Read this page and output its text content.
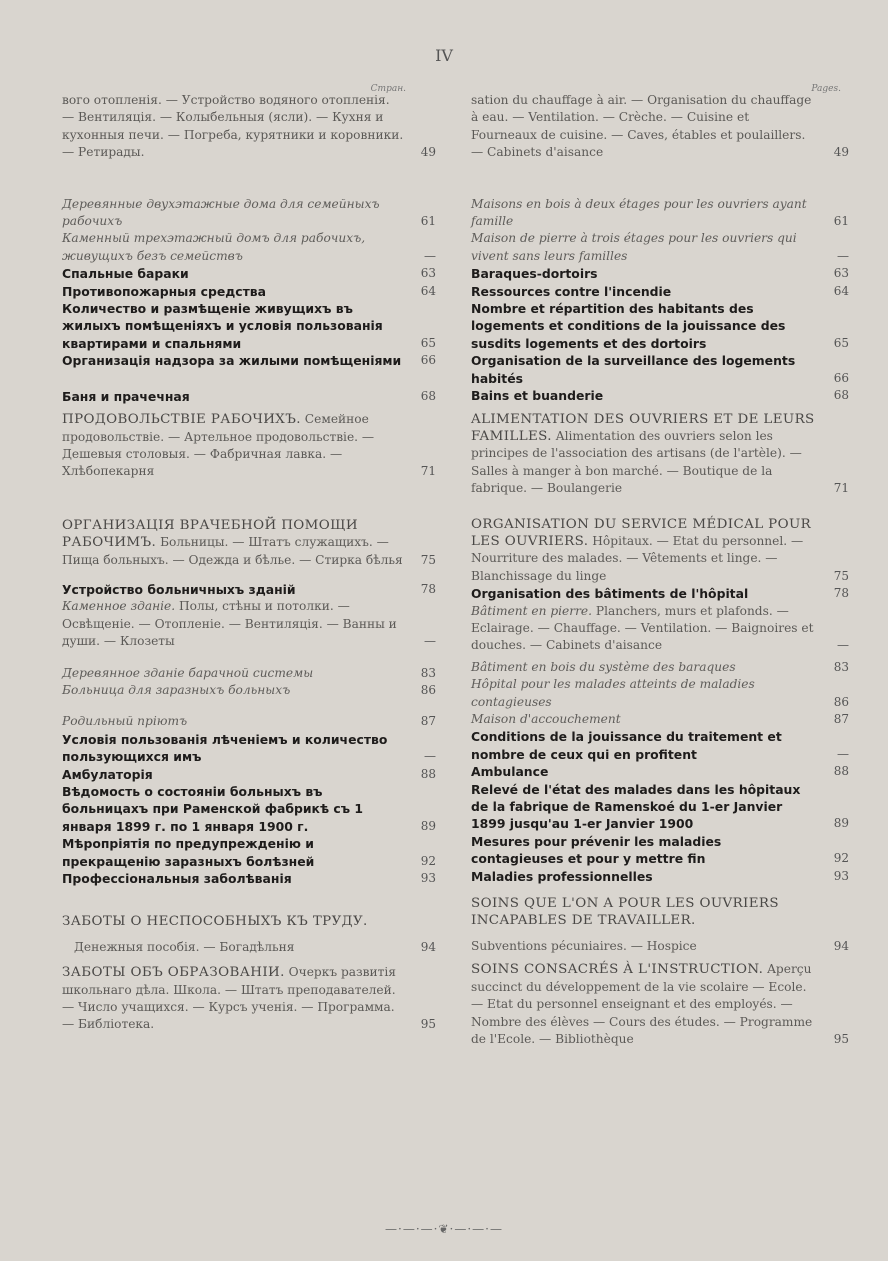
IV
Стран.
вого отопленія. — Устройство водяного отопленія. — Вентиляція. — Колыбельныя (ясли). — Кухня и кухонныя печи. — Погреба, курятники и коровники. — Ретирады.	49
Деревянные двухэтажные дома для семейныхъ рабочихъ	61
Каменный трехэтажный домъ для рабочихъ, живущихъ безъ семействъ	—
Спальные бараки	63
Противопожарныя средства	64
Количество и размѣщеніе живущихъ въ жилыхъ помѣщеніяхъ и условія пользованія квартирами и спальнями	65
Организація надзора за жилыми помѣщеніями	66
Баня и прачечная	68
ПРОДОВОЛЬСТВІЕ РАБОЧИХЪ. Семейное продовольствіе. — Артельное продовольствіе. — Дешевыя столовыя. — Фабричная лавка. — Хлѣбопекарня	71
ОРГАНИЗАЦІЯ ВРАЧЕБНОЙ ПОМОЩИ РАБОЧИМЪ. Больницы. — Штатъ служащихъ. — Пища больныхъ. — Одежда и бѣлье. — Стирка бѣлья	75
Устройство больничныхъ зданій	78
Каменное зданіе. Полы, стѣны и потолки. — Освѣщеніе. — Отопленіе. — Вентиляція. — Ванны и души. — Клозеты	—
Деревянное зданіе барачной системы	83
Больница для заразныхъ больныхъ	86
Родильный пріютъ	87
Условія пользованія лѣченіемъ и количество пользующихся имъ	—
Амбулаторія	88
Вѣдомость о состояніи больныхъ въ больницахъ при Раменской фабрикѣ съ 1 января 1899 г. по 1 января 1900 г.	89
Мѣропріятія по предупрежденію и прекращенію заразныхъ болѣзней	92
Профессіональныя заболѣванія	93
ЗАБОТЫ О НЕСПОСОБНЫХЪ КЪ ТРУДУ.
Денежныя пособія. — Богадѣльня	94
ЗАБОТЫ ОБЪ ОБРАЗОВАНІИ. Очеркъ развитія школьнаго дѣла. Школа. — Штатъ преподавателей. — Число учащихся. — Курсъ ученія. — Программа. — Библіотека.	95
Pages.
sation du chauffage à air. — Organisation du chauffage à eau. — Ventilation. — Crèche. — Cuisine et Fourneaux de cuisine. — Caves, étables et poulaillers. — Cabinets d'aisance	49
Maisons en bois à deux étages pour les ouvriers ayant famille	61
Maison de pierre à trois étages pour les ouvriers qui vivent sans leurs familles	—
Baraques-dortoirs	63
Ressources contre l'incendie	64
Nombre et répartition des habitants des logements et conditions de la jouissance des susdits logements et des dortoirs	65
Organisation de la surveillance des logements habités	66
Bains et buanderie	68
ALIMENTATION DES OUVRIERS ET DE LEURS FAMILLES. Alimentation des ouvriers selon les principes de l'association des artisans (de l'artèle). — Salles à manger à bon marché. — Boutique de la fabrique. — Boulangerie	71
ORGANISATION DU SERVICE MÉDICAL POUR LES OUVRIERS. Hôpitaux. — Etat du personnel. — Nourriture des malades. — Vêtements et linge. — Blanchissage du linge	75
Organisation des bâtiments de l'hôpital	78
Bâtiment en pierre. Planchers, murs et plafonds. — Eclairage. — Chauffage. — Ventilation. — Baignoires et douches. — Cabinets d'aisance	—
Bâtiment en bois du système des baraques	83
Hôpital pour les malades atteints de maladies contagieuses	86
Maison d'accouchement	87
Conditions de la jouissance du traitement et nombre de ceux qui en profitent	—
Ambulance	88
Relevé de l'état des malades dans les hôpitaux de la fabrique de Ramenskoé du 1-er Janvier 1899 jusqu'au 1-er Janvier 1900	89
Mesures pour prévenir les maladies contagieuses et pour y mettre fin	92
Maladies professionnelles	93
SOINS QUE L'ON A POUR LES OUVRIERS INCAPABLES DE TRAVAILLER.
Subventions pécuniaires. — Hospice	94
SOINS CONSACRÉS À L'INSTRUCTION. Aperçu succinct du développement de la vie scolaire — Ecole. — Etat du personnel enseignant et des employés. — Nombre des élèves — Cours des études. — Programme de l'Ecole. — Bibliothèque	95
—·—·—·❦·—·—·—
